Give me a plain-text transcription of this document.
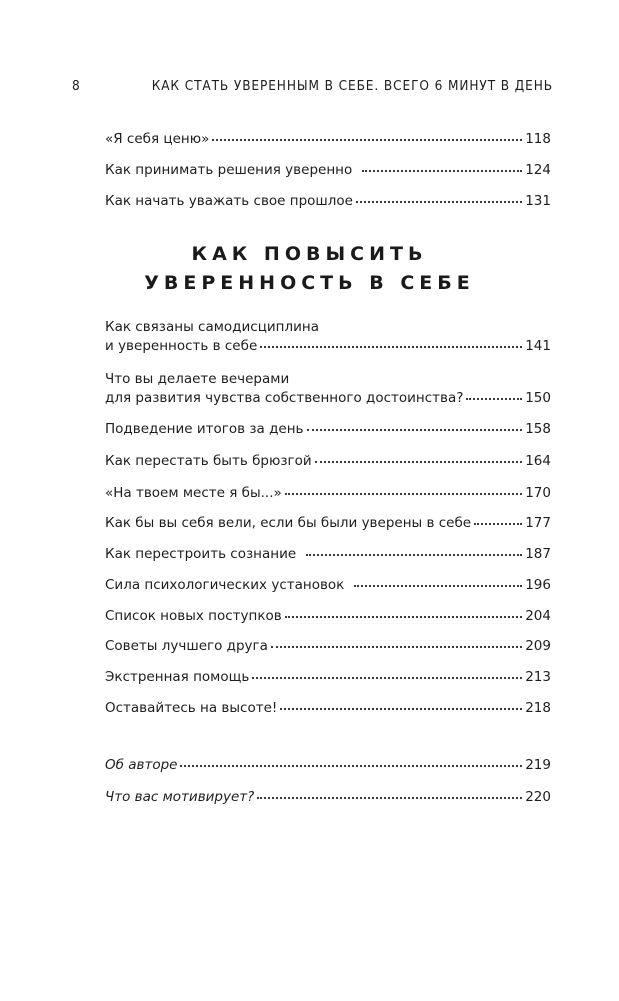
8	КАК СТАТЬ УВЕРЕННЫМ В СЕБЕ. ВСЕГО 6 МИНУТ В ДЕНЬ
«Я себя ценю»	118
Как принимать решения уверенно	124
Как начать уважать свое прошлое	131
КАК ПОВЫСИТЬ
УВЕРЕННОСТЬ В СЕБЕ
Как связаны самодисциплина
и уверенность в себе	141
Что вы делаете вечерами
для развития чувства собственного достоинства?	150
Подведение итогов за день	158
Как перестать быть брюзгой	164
«На твоем месте я бы...»	170
Как бы вы себя вели, если бы были уверены в себе	177
Как перестроить сознание	187
Сила психологических установок	196
Список новых поступков	204
Советы лучшего друга	209
Экстренная помощь	213
Оставайтесь на высоте!	218
Об авторе	219
Что вас мотивирует?	220
